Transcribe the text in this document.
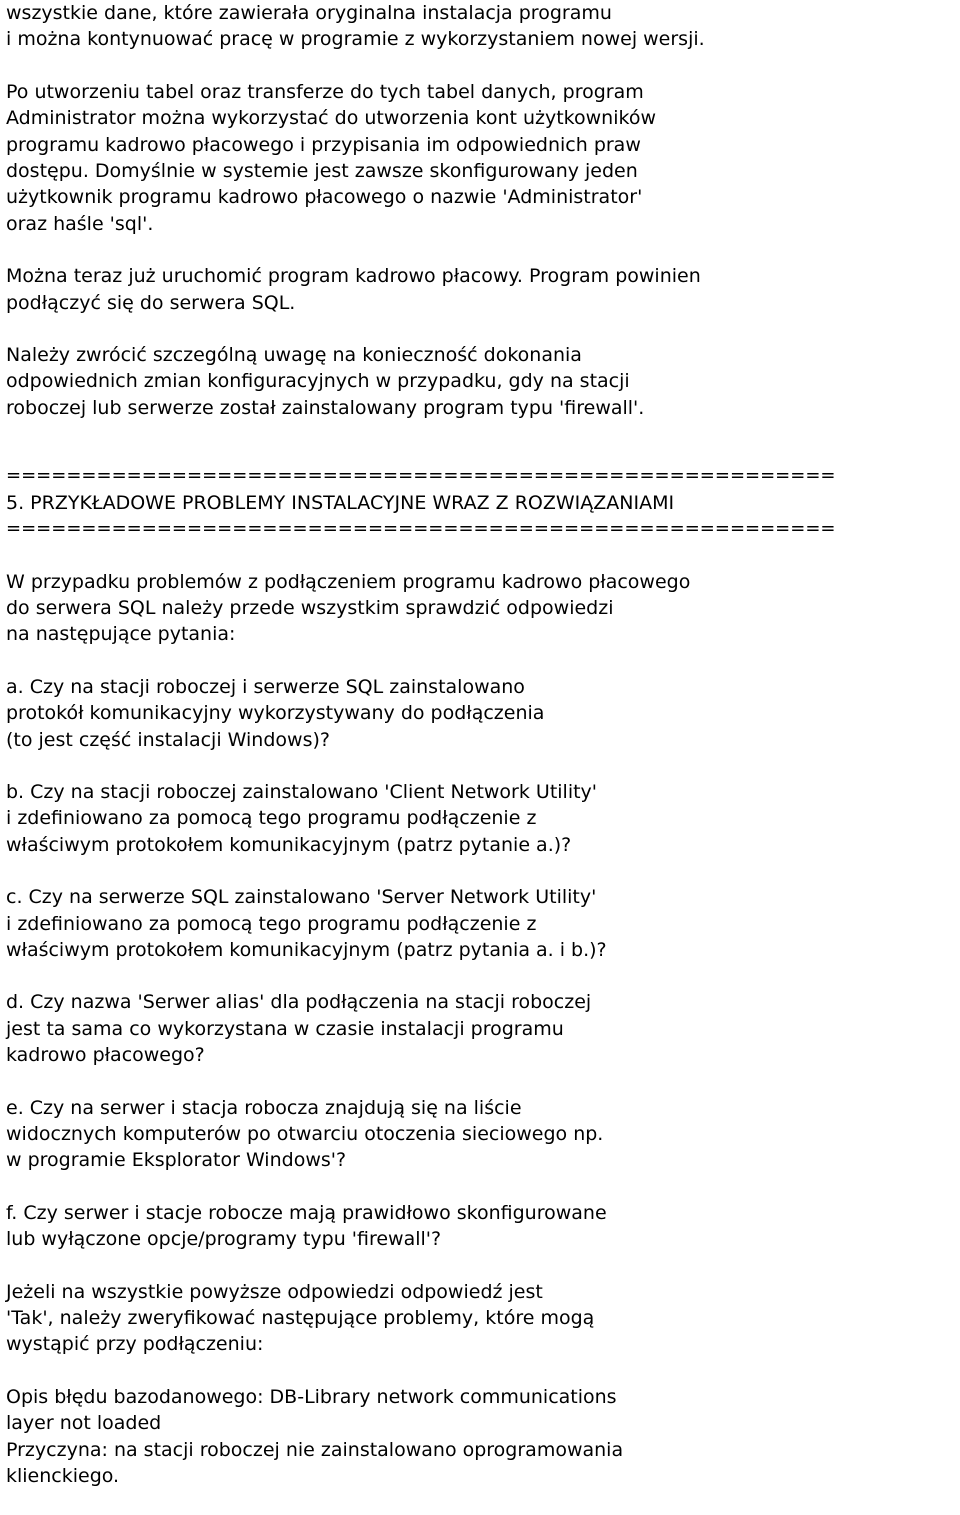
wszystkie dane, które zawierała oryginalna instalacja programu
i można kontynuować pracę w programie z wykorzystaniem nowej wersji.
Po utworzeniu tabel oraz transferze do tych tabel danych, program
Administrator można wykorzystać do utworzenia kont użytkowników
programu kadrowo płacowego i przypisania im odpowiednich praw
dostępu. Domyślnie w systemie jest zawsze skonfigurowany jeden
użytkownik programu kadrowo płacowego o nazwie 'Administrator'
oraz haśle 'sql'.
Można teraz już uruchomić program kadrowo płacowy. Program powinien
podłączyć się do serwera SQL.
Należy zwrócić szczególną uwagę na konieczność dokonania
odpowiednich zmian konfiguracyjnych w przypadku, gdy na stacji
roboczej lub serwerze został zainstalowany program typu 'firewall'.
=======================================================
5. PRZYKŁADOWE PROBLEMY INSTALACYJNE WRAZ Z ROZWIĄZANIAMI
=======================================================
W przypadku problemów z podłączeniem programu kadrowo płacowego
do serwera SQL należy przede wszystkim sprawdzić odpowiedzi
na następujące pytania:
a. Czy na stacji roboczej i serwerze SQL zainstalowano
protokół komunikacyjny wykorzystywany do podłączenia
(to jest część instalacji Windows)?
b. Czy na stacji roboczej zainstalowano 'Client Network Utility'
i zdefiniowano za pomocą tego programu podłączenie z
właściwym protokołem komunikacyjnym (patrz pytanie a.)?
c. Czy na serwerze SQL zainstalowano 'Server Network Utility'
i zdefiniowano za pomocą tego programu podłączenie z
właściwym protokołem komunikacyjnym (patrz pytania a. i b.)?
d. Czy nazwa 'Serwer alias' dla podłączenia na stacji roboczej
jest ta sama co wykorzystana w czasie instalacji programu
kadrowo płacowego?
e. Czy na serwer i stacja robocza znajdują się na liście
widocznych komputerów po otwarciu otoczenia sieciowego np.
w programie Eksplorator Windows'?
f. Czy serwer i stacje robocze mają prawidłowo skonfigurowane
lub wyłączone opcje/programy typu 'firewall'?
Jeżeli na wszystkie powyższe odpowiedzi odpowiedź jest
'Tak', należy zweryfikować następujące problemy, które mogą
wystąpić przy podłączeniu:
Opis błędu bazodanowego: DB-Library network communications
layer not loaded
Przyczyna: na stacji roboczej nie zainstalowano oprogramowania
klienckiego.
